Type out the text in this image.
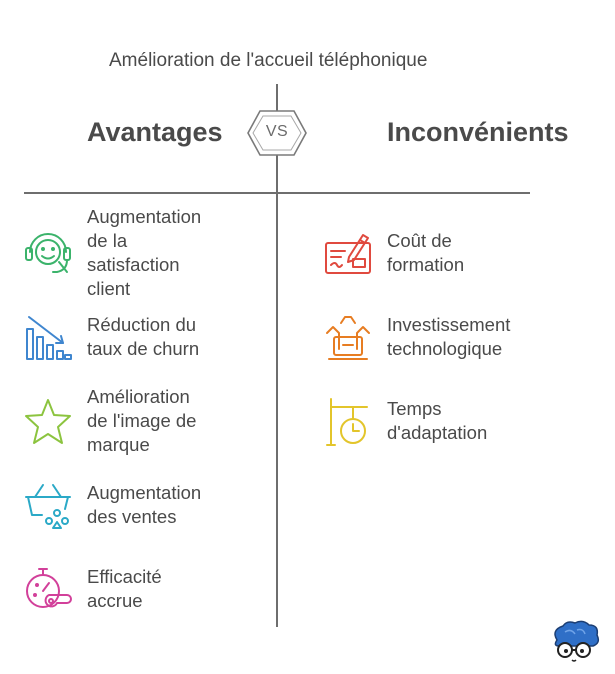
Amélioration de l'accueil téléphonique
Avantages	Inconvénients
VS
Augmentation
de la
satisfaction
client
Réduction du
taux de churn
Amélioration
de l'image de
marque
Augmentation
des ventes
Efficacité
accrue
Coût de
formation
Investissement
technologique
Temps
d'adaptation
